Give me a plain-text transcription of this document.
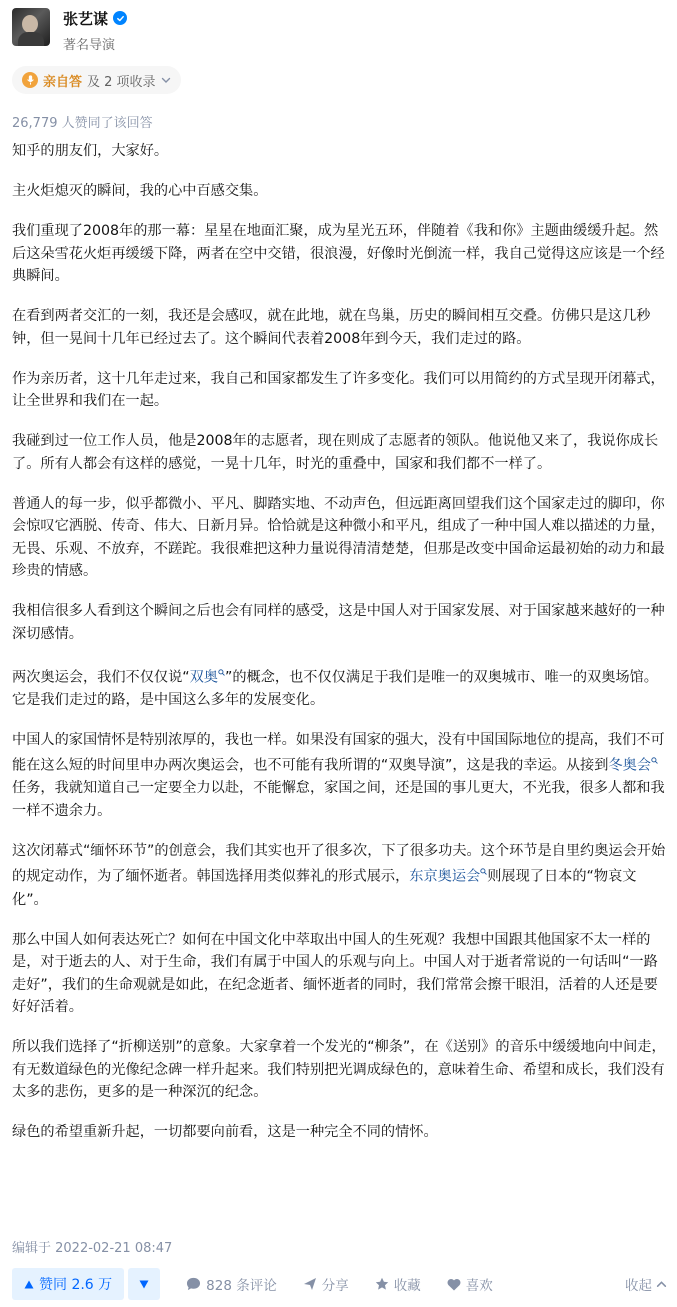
张艺谋
著名导演
亲自答 及 2 项收录
26,779 人赞同了该回答

知乎的朋友们，大家好。

主火炬熄灭的瞬间，我的心中百感交集。

我们重现了2008年的那一幕：星星在地面汇聚，成为星光五环，伴随着《我和你》主题曲缓缓升起。然后这朵雪花火炬再缓缓下降，两者在空中交错，很浪漫，好像时光倒流一样，我自己觉得这应该是一个经典瞬间。

在看到两者交汇的一刻，我还是会感叹，就在此地，就在鸟巢，历史的瞬间相互交叠。仿佛只是这几秒钟，但一晃间十几年已经过去了。这个瞬间代表着2008年到今天，我们走过的路。

作为亲历者，这十几年走过来，我自己和国家都发生了许多变化。我们可以用简约的方式呈现开闭幕式，让全世界和我们在一起。

我碰到过一位工作人员，他是2008年的志愿者，现在则成了志愿者的领队。他说他又来了，我说你成长了。所有人都会有这样的感觉，一晃十几年，时光的重叠中，国家和我们都不一样了。

普通人的每一步，似乎都微小、平凡、脚踏实地、不动声色，但远距离回望我们这个国家走过的脚印，你会惊叹它洒脱、传奇、伟大、日新月异。恰恰就是这种微小和平凡，组成了一种中国人难以描述的力量，无畏、乐观、不放弃，不蹉跎。我很难把这种力量说得清清楚楚，但那是改变中国命运最初始的动力和最珍贵的情感。

我相信很多人看到这个瞬间之后也会有同样的感受，这是中国人对于国家发展、对于国家越来越好的一种深切感情。

两次奥运会，我们不仅仅说“双奥 ”的概念，也不仅仅满足于我们是唯一的双奥城市、唯一的双奥场馆。它是我们走过的路，是中国这么多年的发展变化。

中国人的家国情怀是特别浓厚的，我也一样。如果没有国家的强大，没有中国国际地位的提高，我们不可能在这么短的时间里申办两次奥运会，也不可能有我所谓的“双奥导演”，这是我的幸运。从接到冬奥会任务，我就知道自己一定要全力以赴，不能懈怠，家国之间，还是国的事儿更大，不光我，很多人都和我一样不遗余力。

这次闭幕式“缅怀环节”的创意会，我们其实也开了很多次，下了很多功夫。这个环节是自里约奥运会开始的规定动作，为了缅怀逝者。韩国选择用类似葬礼的形式展示，东京奥运会 则展现了日本的“物哀文化”。

那么中国人如何表达死亡？如何在中国文化中萃取出中国人的生死观？我想中国跟其他国家不太一样的是，对于逝去的人、对于生命，我们有属于中国人的乐观与向上。中国人对于逝者常说的一句话叫“一路走好”，我们的生命观就是如此，在纪念逝者、缅怀逝者的同时，我们常常会擦干眼泪，活着的人还是要好好活着。

所以我们选择了“折柳送别”的意象。大家拿着一个发光的“柳条”，在《送别》的音乐中缓缓地向中间走，有无数道绿色的光像纪念碑一样升起来。我们特别把光调成绿色的，意味着生命、希望和成长，我们没有太多的悲伤，更多的是一种深沉的纪念。

绿色的希望重新升起，一切都要向前看，这是一种完全不同的情怀。

编辑于 2022-02-21 08:47
赞同 2.6 万	828 条评论	分享	收藏	喜欢	收起
